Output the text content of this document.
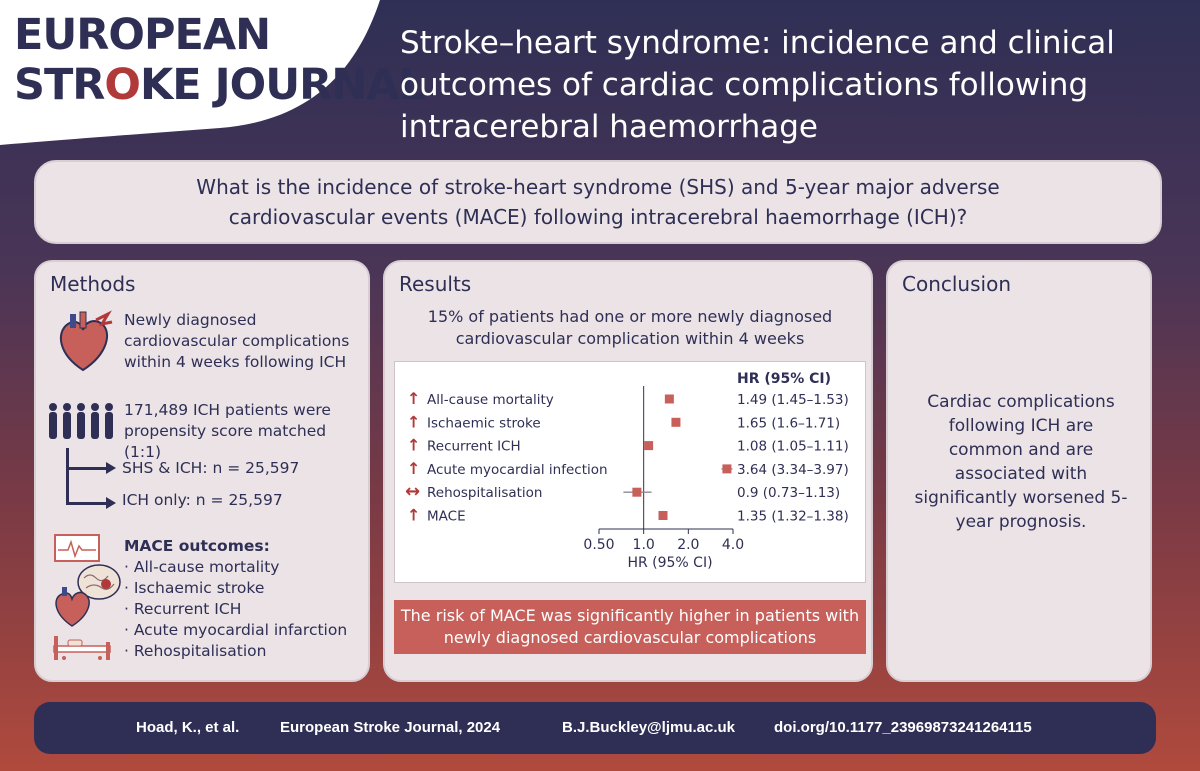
EUROPEAN
STROKE JOURNAL
Stroke–heart syndrome: incidence and clinical outcomes of cardiac complications following intracerebral haemorrhage
What is the incidence of stroke-heart syndrome (SHS) and 5-year major adverse cardiovascular events (MACE) following intracerebral haemorrhage (ICH)?
Methods
Newly diagnosed cardiovascular complications within 4 weeks following ICH
171,489 ICH patients were propensity score matched (1:1)
SHS & ICH: n = 25,597
ICH only: n = 25,597
MACE outcomes:
· All-cause mortality
· Ischaemic stroke
· Recurrent ICH
· Acute myocardial infarction
· Rehospitalisation
Results
15% of patients had one or more newly diagnosed cardiovascular complication within 4 weeks
HR (95% CI)
0.50 1.0 2.0 4.0
HR (95% CI)
↑ All-cause mortality	1.49 (1.45–1.53)
↑ Ischaemic stroke	1.65 (1.6–1.71)
↑ Recurrent ICH	1.08 (1.05–1.11)
↑ Acute myocardial infection	3.64 (3.34–3.97)
↔ Rehospitalisation	0.9 (0.73–1.13)
↑ MACE	1.35 (1.32–1.38)
The risk of MACE was significantly higher in patients with newly diagnosed cardiovascular complications
Conclusion
Cardiac complications following ICH are common and are associated with significantly worsened 5-year prognosis.
Hoad, K., et al.	European Stroke Journal, 2024	B.J.Buckley@ljmu.ac.uk	doi.org/10.1177_23969873241264115
